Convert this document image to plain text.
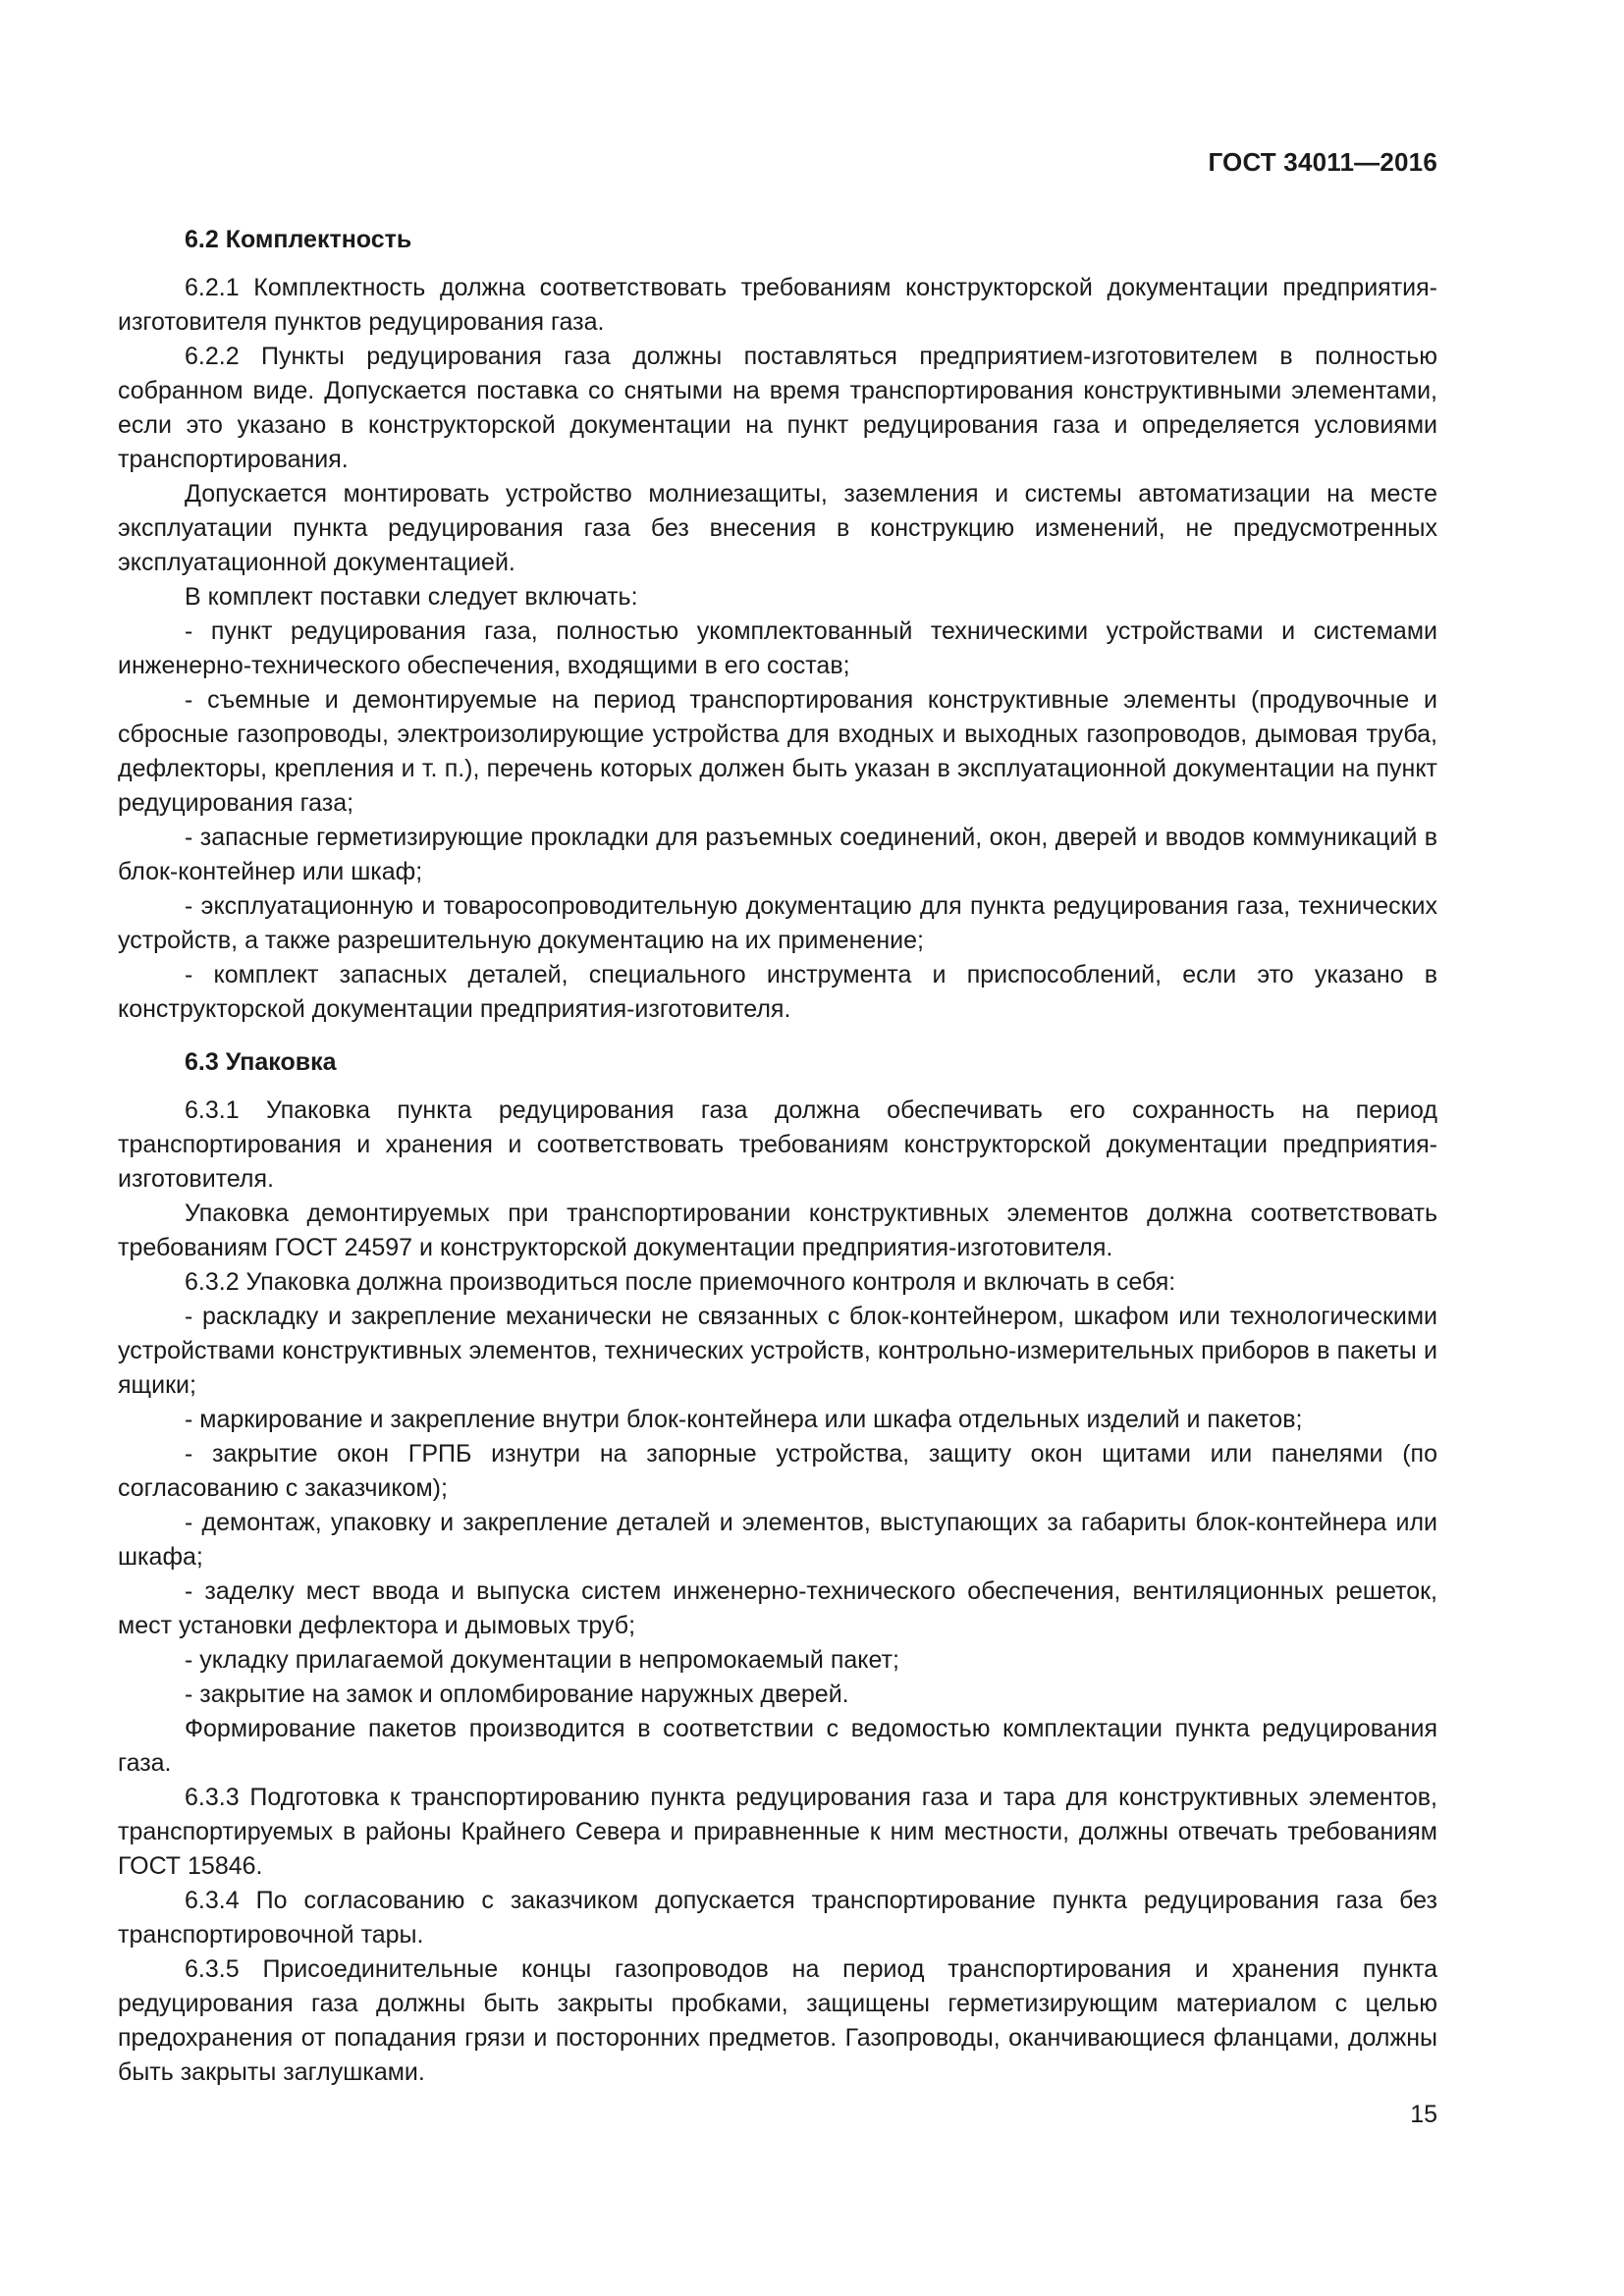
ГОСТ 34011—2016
6.2 Комплектность

6.2.1 Комплектность должна соответствовать требованиям конструкторской документации предприятия-изготовителя пунктов редуцирования газа.

6.2.2 Пункты редуцирования газа должны поставляться предприятием-изготовителем в полностью собранном виде. Допускается поставка со снятыми на время транспортирования конструктивными элементами, если это указано в конструкторской документации на пункт редуцирования газа и определяется условиями транспортирования.

Допускается монтировать устройство молниезащиты, заземления и системы автоматизации на месте эксплуатации пункта редуцирования газа без внесения в конструкцию изменений, не предусмотренных эксплуатационной документацией.

В комплект поставки следует включать:

- пункт редуцирования газа, полностью укомплектованный техническими устройствами и системами инженерно-технического обеспечения, входящими в его состав;

- съемные и демонтируемые на период транспортирования конструктивные элементы (продувочные и сбросные газопроводы, электроизолирующие устройства для входных и выходных газопроводов, дымовая труба, дефлекторы, крепления и т. п.), перечень которых должен быть указан в эксплуатационной документации на пункт редуцирования газа;

- запасные герметизирующие прокладки для разъемных соединений, окон, дверей и вводов коммуникаций в блок-контейнер или шкаф;

- эксплуатационную и товаросопроводительную документацию для пункта редуцирования газа, технических устройств, а также разрешительную документацию на их применение;

- комплект запасных деталей, специального инструмента и приспособлений, если это указано в конструкторской документации предприятия-изготовителя.

6.3 Упаковка

6.3.1 Упаковка пункта редуцирования газа должна обеспечивать его сохранность на период транспортирования и хранения и соответствовать требованиям конструкторской документации предприятия-изготовителя.

Упаковка демонтируемых при транспортировании конструктивных элементов должна соответствовать требованиям ГОСТ 24597 и конструкторской документации предприятия-изготовителя.

6.3.2 Упаковка должна производиться после приемочного контроля и включать в себя:

- раскладку и закрепление механически не связанных с блок-контейнером, шкафом или технологическими устройствами конструктивных элементов, технических устройств, контрольно-измерительных приборов в пакеты и ящики;

- маркирование и закрепление внутри блок-контейнера или шкафа отдельных изделий и пакетов;

- закрытие окон ГРПБ изнутри на запорные устройства, защиту окон щитами или панелями (по согласованию с заказчиком);

- демонтаж, упаковку и закрепление деталей и элементов, выступающих за габариты блок-контейнера или шкафа;

- заделку мест ввода и выпуска систем инженерно-технического обеспечения, вентиляционных решеток, мест установки дефлектора и дымовых труб;

- укладку прилагаемой документации в непромокаемый пакет;

- закрытие на замок и опломбирование наружных дверей.

Формирование пакетов производится в соответствии с ведомостью комплектации пункта редуцирования газа.

6.3.3 Подготовка к транспортированию пункта редуцирования газа и тара для конструктивных элементов, транспортируемых в районы Крайнего Севера и приравненные к ним местности, должны отвечать требованиям ГОСТ 15846.

6.3.4 По согласованию с заказчиком допускается транспортирование пункта редуцирования газа без транспортировочной тары.

6.3.5 Присоединительные концы газопроводов на период транспортирования и хранения пункта редуцирования газа должны быть закрыты пробками, защищены герметизирующим материалом с целью предохранения от попадания грязи и посторонних предметов. Газопроводы, оканчивающиеся фланцами, должны быть закрыты заглушками.

15
